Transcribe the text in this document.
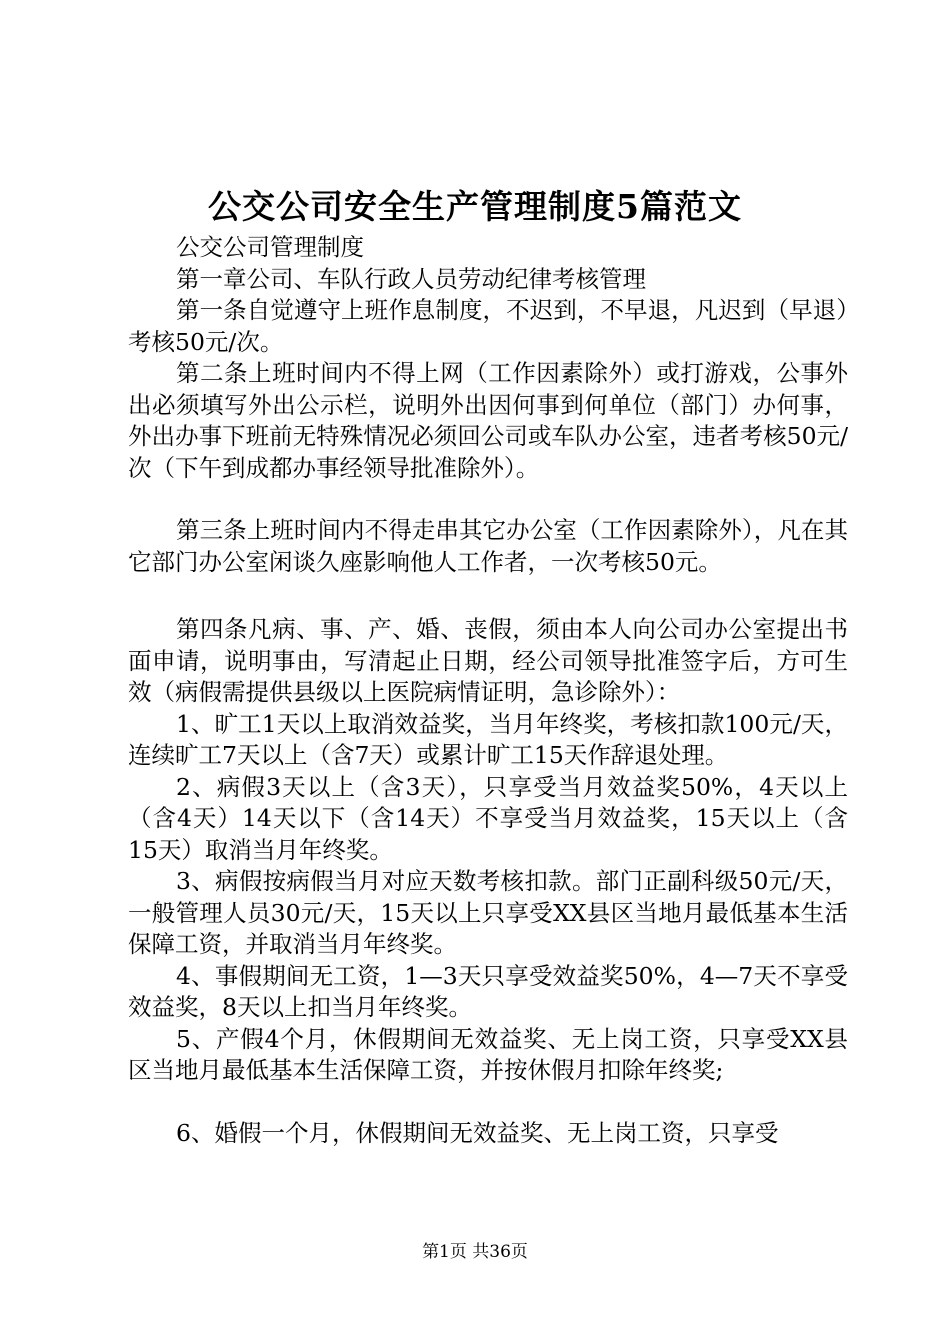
公交公司安全生产管理制度5篇范文

公交公司管理制度

第一章公司、车队行政人员劳动纪律考核管理

第一条自觉遵守上班作息制度，不迟到，不早退，凡迟到（早退）考核50元/次。

第二条上班时间内不得上网（工作因素除外）或打游戏，公事外出必须填写外出公示栏，说明外出因何事到何单位（部门）办何事，外出办事下班前无特殊情况必须回公司或车队办公室，违者考核50元/次（下午到成都办事经领导批准除外）。

第三条上班时间内不得走串其它办公室（工作因素除外），凡在其它部门办公室闲谈久座影响他人工作者，一次考核50元。

第四条凡病、事、产、婚、丧假，须由本人向公司办公室提出书面申请，说明事由，写清起止日期，经公司领导批准签字后，方可生效（病假需提供县级以上医院病情证明，急诊除外）：

1、旷工1天以上取消效益奖，当月年终奖，考核扣款100元/天，连续旷工7天以上（含7天）或累计旷工15天作辞退处理。

2、病假3天以上（含3天），只享受当月效益奖50%，4天以上（含4天）14天以下（含14天）不享受当月效益奖，15天以上（含15天）取消当月年终奖。

3、病假按病假当月对应天数考核扣款。部门正副科级50元/天，一般管理人员30元/天，15天以上只享受XX县区当地月最低基本生活保障工资，并取消当月年终奖。

4、事假期间无工资，1—3天只享受效益奖50%，4—7天不享受效益奖，8天以上扣当月年终奖。

5、产假4个月，休假期间无效益奖、无上岗工资，只享受XX县区当地月最低基本生活保障工资，并按休假月扣除年终奖;

6、婚假一个月，休假期间无效益奖、无上岗工资，只享受

第1页 共36页
